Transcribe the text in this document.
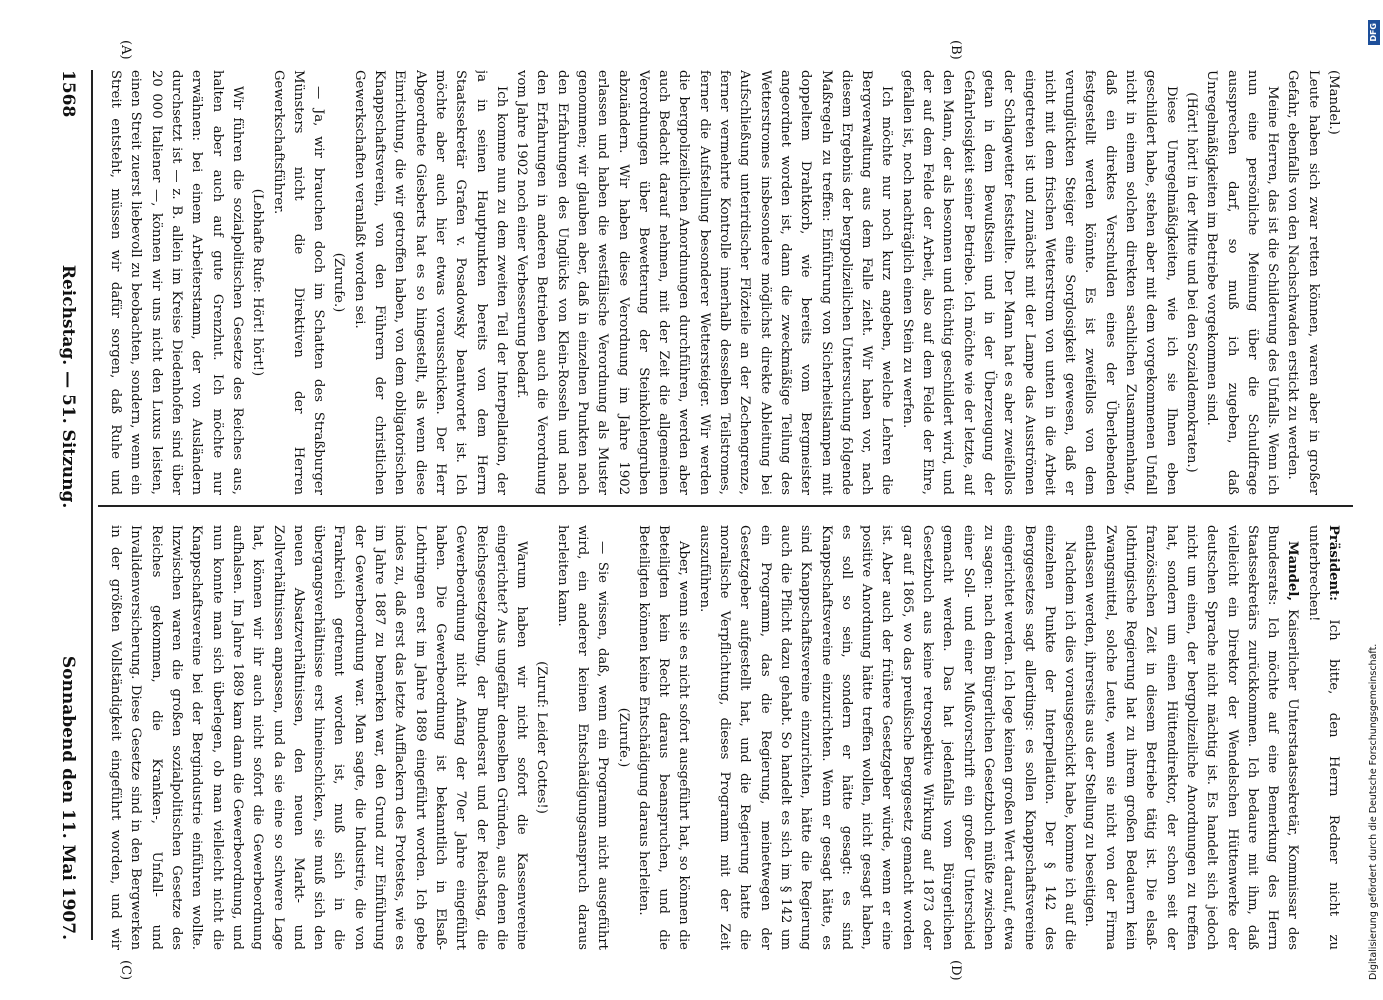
1568
Reichstag. — 51. Sitzung.
Sonnabend den 11. Mai 1907.
(A)	(B)
(C)	(D)

(Mandel.)

Leute haben sich zwar retten können, waren aber in großer Gefahr, ebenfalls von den Nachschwaden erstickt zu werden.

Meine Herren, das ist die Schilderung des Unfalls. Wenn ich nun eine persönliche Meinung über die Schuldfrage aussprechen darf, so muß ich zugeben, daß Unregelmäßigkeiten im Betriebe vorgekommen sind.

(Hört! hört! in der Mitte und bei den Sozialdemokraten.)

Diese Unregelmäßigkeiten, wie ich sie Ihnen eben geschildert habe, stehen aber mit dem vorgekommenen Unfall nicht in einem solchen direkten sachlichen Zusammenhang, daß ein direktes Verschulden eines der Überlebenden festgestellt werden könnte. Es ist zweifellos von dem verunglückten Steiger eine Sorglosigkeit gewesen, daß er nicht mit dem frischen Wetterstrom von unten in die Arbeit eingetreten ist und zunächst mit der Lampe das Ausströmen der Schlagwetter feststellte. Der Mann hat es aber zweifellos getan in dem Bewußtsein und in der Überzeugung der Gefahrlosigkeit seiner Betriebe. Ich möchte wie der letzte, auf den Mann, der als besonnen und tüchtig geschildert wird, und der auf dem Felde der Arbeit, also auf dem Felde der Ehre, gefallen ist, noch nachträglich einen Stein zu werfen.

Ich möchte nur noch kurz angeben, welche Lehren die Bergverwaltung aus dem Falle zieht. Wir haben vor, nach diesem Ergebnis der bergpolizeilichen Untersuchung folgende Maßregeln zu treffen: Einführung von Sicherheitslampen mit doppeltem Drahtkorb, wie bereits vom Bergmeister angeordnet worden ist, dann die zweckmäßige Teilung des Wetterstromes insbesondere möglichst direkte Ableitung bei Aufschließung unterirdischer Flözteile an der Zechengrenze, ferner vermehrte Kontrolle innerhalb desselben Teilstromes, ferner die Aufstellung besonderer Wettersteiger. Wir werden die bergpolizeilichen Anordnungen durchführen, werden aber auch Bedacht darauf nehmen, mit der Zeit die allgemeinen Verordnungen über Bewetterung der Steinkohlengruben abzuändern. Wir haben diese Verordnung im Jahre 1902 erlassen und haben die westfälische Verordnung als Muster genommen; wir glauben aber, daß in einzelnen Punkten nach den Erfahrungen des Unglücks von Klein-Rosseln und nach den Erfahrungen in anderen Betrieben auch die Verordnung vom Jahre 1902 noch einer Verbesserung bedarf.

Ich komme nun zu dem zweiten Teil der Interpellation, der ja in seinen Hauptpunkten bereits von dem Herrn Staatssekretär Grafen v. Posadowsky beantwortet ist. Ich möchte aber auch hier etwas vorausschicken. Der Herr Abgeordnete Giesberts hat es so hingestellt, als wenn diese Einrichtung, die wir getroffen haben, von dem obligatorischen Knappschaftsverein, von den Führern der christlichen Gewerkschaften veranlaßt worden sei.

(Zurufe.)

— Ja, wir brauchen doch im Schatten des Straßburger Münsters nicht die Direktiven der Herren Gewerkschaftsführer.

(Lebhafte Rufe: Hört! hört!)

Wir führen die sozialpolitischen Gesetze des Reiches aus, halten aber auch auf gute Grenzhut. Ich möchte nur erwähnen: bei einem Arbeiterstamm, der von Ausländern durchsetzt ist — z. B. allein im Kreise Diedenhofen sind über 20 000 Italiener —, können wir uns nicht den Luxus leisten, einen Streit zuerst liebevoll zu beobachten, sondern, wenn ein Streit entsteht, müssen wir dafür sorgen, daß Ruhe und

Präsident: Ich bitte, den Herrn Redner nicht zu unterbrechen!

Mandel, Kaiserlicher Unterstaatssekretär, Kommissar des Bundesrats: Ich möchte auf eine Bemerkung des Herrn Staatssekretärs zurückkommen. Ich bedaure mit ihm, daß vielleicht ein Direktor der Wendelschen Hüttenwerke der deutschen Sprache nicht mächtig ist. Es handelt sich jedoch nicht um einen, der bergpolizeiliche Anordnungen zu treffen hat, sondern um einen Hüttendirektor, der schon seit der französischen Zeit in diesem Betriebe tätig ist. Die elsaß-lothringische Regierung hat zu ihrem großen Bedauern kein Zwangsmittel, solche Leute, wenn sie nicht von der Firma entlassen werden, ihrerseits aus der Stellung zu beseitigen.

Nachdem ich dies vorausgeschickt habe, komme ich auf die einzelnen Punkte der Interpellation. Der § 142 des Berggesetzes sagt allerdings: es sollen Knappschaftsvereine eingerichtet werden. Ich lege keinen großen Wert darauf, etwa zu sagen: nach dem Bürgerlichen Gesetzbuch müßte zwischen einer Soll- und einer Mußvorschrift ein großer Unterschied gemacht werden. Das hat jedenfalls vom Bürgerlichen Gesetzbuch aus keine retrospektive Wirkung auf 1873 oder gar auf 1865, wo das preußische Berggesetz gemacht worden ist. Aber auch der frühere Gesetzgeber würde, wenn er eine positive Anordnung hätte treffen wollen, nicht gesagt haben, es soll so sein, sondern er hätte gesagt: es sind Knappschaftsvereine einzurichten. Wenn er gesagt hätte, es sind Knappschaftsvereine einzurichten, hätte die Regierung auch die Pflicht dazu gehabt. So handelt es sich im § 142 um ein Programm, das die Regierung, meinetwegen der Gesetzgeber aufgestellt hat, und die Regierung hatte die moralische Verpflichtung, dieses Programm mit der Zeit auszuführen.

Aber, wenn sie es nicht sofort ausgeführt hat, so können die Beteiligten kein Recht daraus beanspruchen, und die Beteiligten können keine Entschädigung daraus herleiten.

(Zurufe.)

— Sie wissen, daß, wenn ein Programm nicht ausgeführt wird, ein anderer keinen Entschädigungsanspruch daraus herleiten kann.

(Zuruf: Leider Gottes!)

Warum haben wir nicht sofort die Kassenvereine eingerichtet? Aus ungefähr denselben Gründen, aus denen die Reichsgesetzgebung, der Bundesrat und der Reichstag, die Gewerbeordnung nicht Anfang der 70er Jahre eingeführt haben. Die Gewerbeordnung ist bekanntlich in Elsaß-Lothringen erst im Jahre 1889 eingeführt worden. Ich gebe indes zu, daß erst das letzte Aufflackern des Protestes, wie es im Jahre 1887 zu bemerken war, den Grund zur Einführung der Gewerbeordnung war. Man sagte, die Industrie, die von Frankreich getrennt worden ist, muß sich in die übergangsverhältnisse erst hineinschicken, sie muß sich den neuen Absatzverhältnissen, den neuen Markt- und Zollverhältnissen anpassen, und da sie eine so schwere Lage hat, können wir ihr auch nicht sofort die Gewerbeordnung aufhalsen. Im Jahre 1889 kam dann die Gewerbeordnung, und nun konnte man sich überlegen, ob man vielleicht nicht die Knappschaftsvereine bei der Bergindustrie einführen wollte. Inzwischen waren die großen sozialpolitischen Gesetze des Reiches gekommen, die Kranken-, Unfall- und Invalidenversicherung. Diese Gesetze sind in den Bergwerken in der größten Vollständigkeit eingeführt worden, und wir	Digitalisierung gefördert durch die Deutsche Forschungsgemeinschaft.
DFG
